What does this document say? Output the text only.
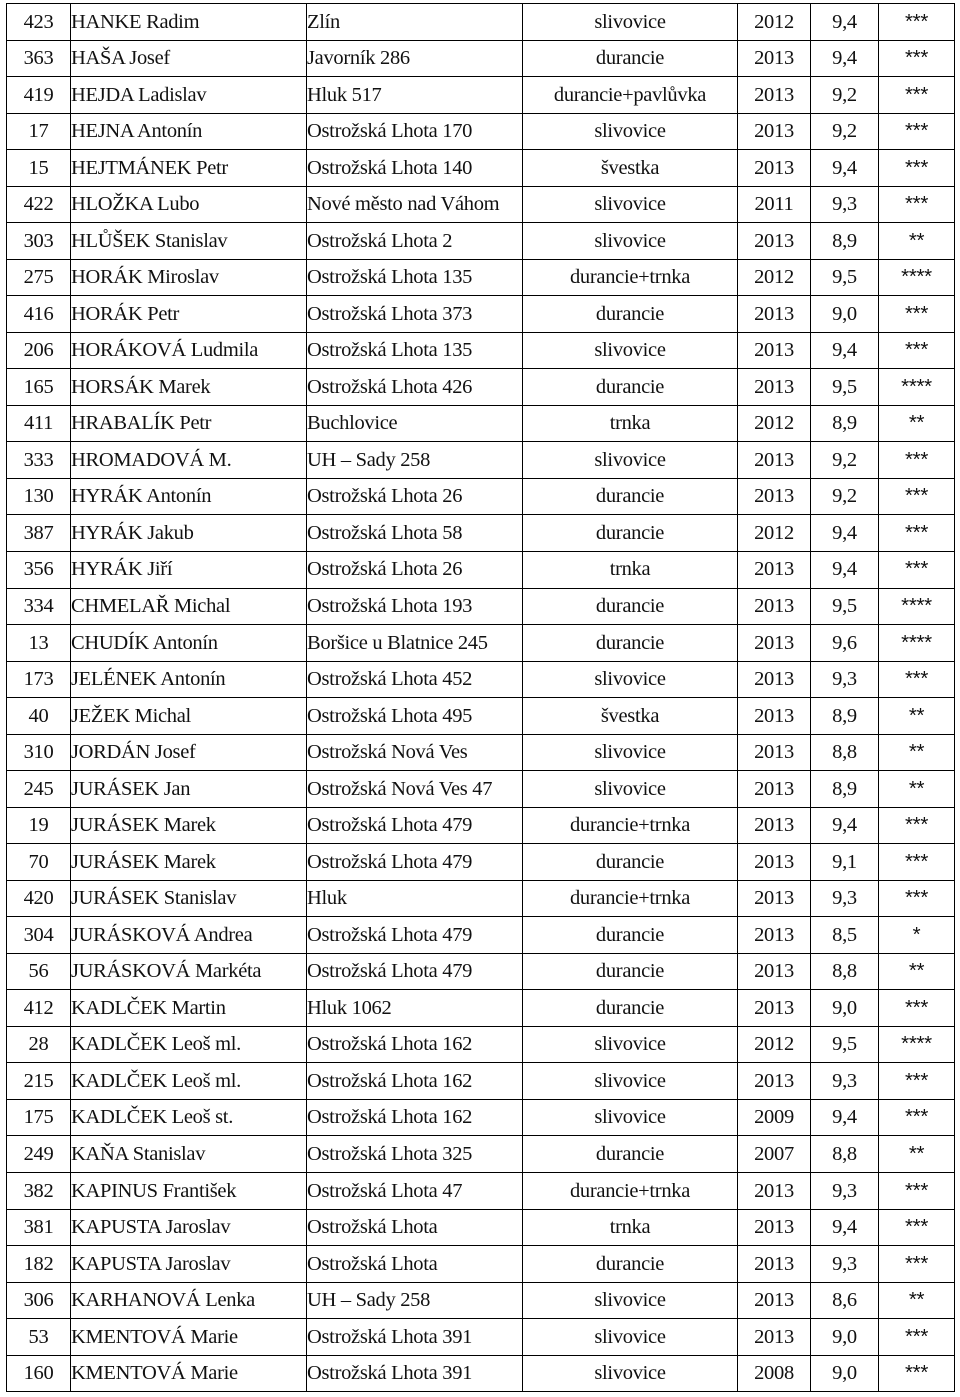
423	HANKE Radim	Zlín	slivovice	2012	9,4	***
363	HAŠA Josef	Javorník 286	durancie	2013	9,4	***
419	HEJDA Ladislav	Hluk 517	durancie+pavlůvka	2013	9,2	***
17	HEJNA Antonín	Ostrožská Lhota 170	slivovice	2013	9,2	***
15	HEJTMÁNEK Petr	Ostrožská Lhota 140	švestka	2013	9,4	***
422	HLOŽKA Lubo	Nové město nad Váhom	slivovice	2011	9,3	***
303	HLŮŠEK Stanislav	Ostrožská Lhota 2	slivovice	2013	8,9	**
275	HORÁK Miroslav	Ostrožská Lhota 135	durancie+trnka	2012	9,5	****
416	HORÁK Petr	Ostrožská Lhota 373	durancie	2013	9,0	***
206	HORÁKOVÁ Ludmila	Ostrožská Lhota 135	slivovice	2013	9,4	***
165	HORSÁK Marek	Ostrožská Lhota 426	durancie	2013	9,5	****
411	HRABALÍK Petr	Buchlovice	trnka	2012	8,9	**
333	HROMADOVÁ M.	UH – Sady 258	slivovice	2013	9,2	***
130	HYRÁK Antonín	Ostrožská Lhota 26	durancie	2013	9,2	***
387	HYRÁK Jakub	Ostrožská Lhota 58	durancie	2012	9,4	***
356	HYRÁK Jiří	Ostrožská Lhota 26	trnka	2013	9,4	***
334	CHMELAŘ Michal	Ostrožská Lhota 193	durancie	2013	9,5	****
13	CHUDÍK Antonín	Boršice u Blatnice 245	durancie	2013	9,6	****
173	JELÉNEK Antonín	Ostrožská Lhota 452	slivovice	2013	9,3	***
40	JEŽEK Michal	Ostrožská Lhota 495	švestka	2013	8,9	**
310	JORDÁN Josef	Ostrožská Nová Ves	slivovice	2013	8,8	**
245	JURÁSEK Jan	Ostrožská Nová Ves 47	slivovice	2013	8,9	**
19	JURÁSEK Marek	Ostrožská Lhota 479	durancie+trnka	2013	9,4	***
70	JURÁSEK Marek	Ostrožská Lhota 479	durancie	2013	9,1	***
420	JURÁSEK Stanislav	Hluk	durancie+trnka	2013	9,3	***
304	JURÁSKOVÁ Andrea	Ostrožská Lhota 479	durancie	2013	8,5	*
56	JURÁSKOVÁ Markéta	Ostrožská Lhota 479	durancie	2013	8,8	**
412	KADLČEK Martin	Hluk 1062	durancie	2013	9,0	***
28	KADLČEK Leoš ml.	Ostrožská Lhota 162	slivovice	2012	9,5	****
215	KADLČEK Leoš ml.	Ostrožská Lhota 162	slivovice	2013	9,3	***
175	KADLČEK Leoš st.	Ostrožská Lhota 162	slivovice	2009	9,4	***
249	KAŇA Stanislav	Ostrožská Lhota 325	durancie	2007	8,8	**
382	KAPINUS František	Ostrožská Lhota 47	durancie+trnka	2013	9,3	***
381	KAPUSTA Jaroslav	Ostrožská Lhota	trnka	2013	9,4	***
182	KAPUSTA Jaroslav	Ostrožská Lhota	durancie	2013	9,3	***
306	KARHANOVÁ Lenka	UH – Sady 258	slivovice	2013	8,6	**
53	KMENTOVÁ Marie	Ostrožská Lhota 391	slivovice	2013	9,0	***
160	KMENTOVÁ Marie	Ostrožská Lhota 391	slivovice	2008	9,0	***
